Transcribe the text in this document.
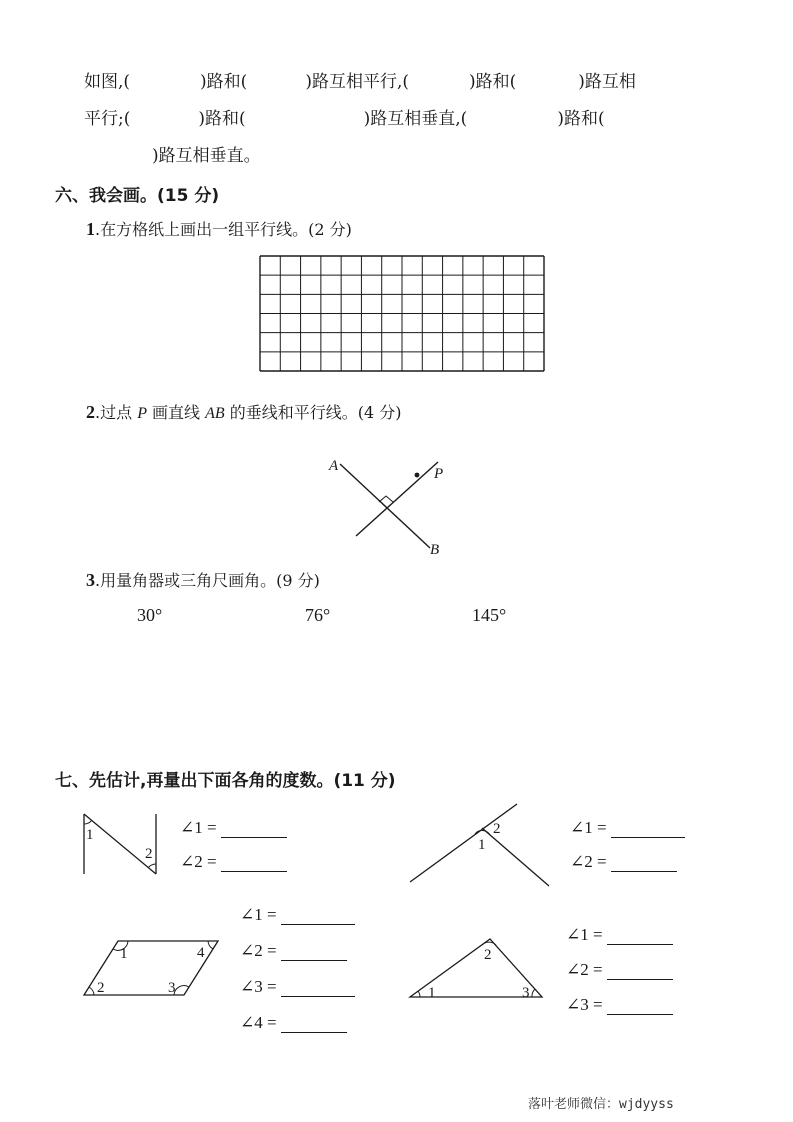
如图,(	)路和(	)路互相平行,(	)路和(	)路互相
平行;(	)路和(	)路互相垂直,(	)路和(
)路互相垂直。
六、我会画。(15 分)
1.在方格纸上画出一组平行线。(2 分)
2.过点 P 画直线 AB 的垂线和平行线。(4 分)
A	P
B
3.用量角器或三角尺画角。(9 分)
30°	76°	145°
七、先估计,再量出下面各角的度数。(11 分)
1
2
∠1 =
∠2 =
2
1
∠1 =
∠2 =
1	4
2	3
∠1 =
∠2 =
∠3 =
∠4 =
2
1	3
∠1 =
∠2 =
∠3 =
落叶老师微信：wjdyyss
